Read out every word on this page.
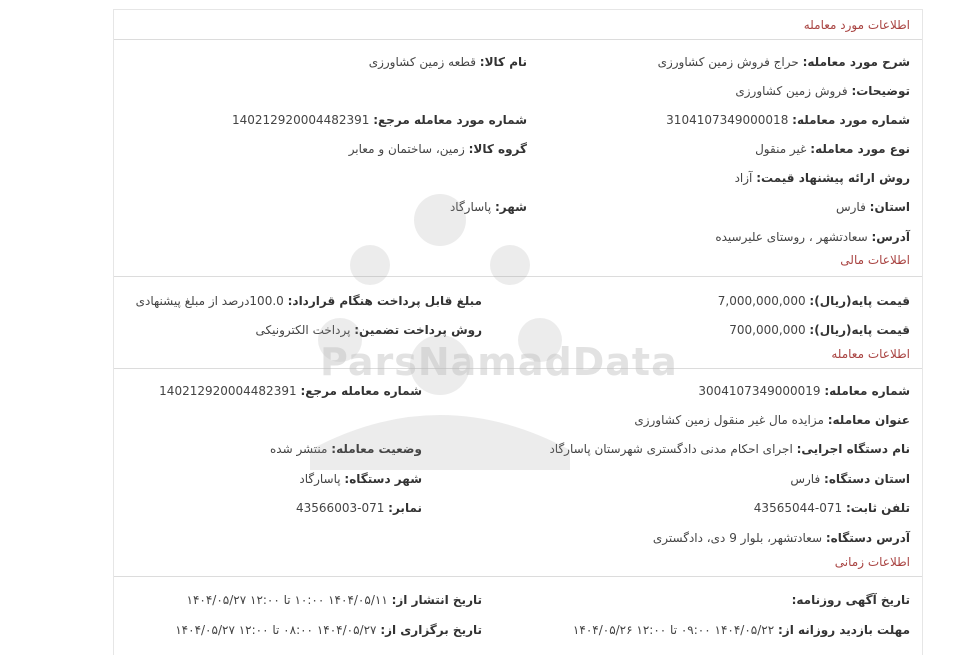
اطلاعات مورد معامله
شرح مورد معامله: حراج فروش زمین کشاورزی
نام کالا: قطعه زمین کشاورزی
توضیحات: فروش زمین کشاورزی
شماره مورد معامله: 3104107349000018
شماره مورد معامله مرجع: 140212920004482391
نوع مورد معامله: غیر منقول
گروه کالا: زمین، ساختمان و معابر
روش ارائه پیشنهاد قیمت: آزاد
استان: فارس
شهر: پاسارگاد
آدرس: سعادتشهر ، روستای علیرسیده
اطلاعات مالی
قیمت پایه(ریال): 7,000,000,000
مبلغ قابل پرداخت هنگام قرارداد: 100.0درصد از مبلغ پیشنهادی
قیمت پایه(ریال): 700,000,000
روش پرداخت تضمین: پرداخت الکترونیکی
اطلاعات معامله
شماره معامله: 3004107349000019
شماره معامله مرجع: 140212920004482391
عنوان معامله: مزایده مال غیر منقول زمین کشاورزی
نام دستگاه اجرایی: اجرای احکام مدنی دادگستری شهرستان پاسارگاد
وضعیت معامله: منتشر شده
استان دستگاه: فارس
شهر دستگاه: پاسارگاد
تلفن ثابت: 071-43565044
نمابر: 071-43566003
آدرس دستگاه: سعادتشهر، بلوار 9 دی، دادگستری
اطلاعات زمانی
تاریخ آگهی روزنامه:
تاریخ انتشار از: ۱۴۰۴/۰۵/۱۱ ۱۰:۰۰ تا ۱۲:۰۰ ۱۴۰۴/۰۵/۲۷
مهلت بازدید روزانه از: ۱۴۰۴/۰۵/۲۲ ۰۹:۰۰ تا ۱۲:۰۰ ۱۴۰۴/۰۵/۲۶
تاریخ برگزاری از: ۱۴۰۴/۰۵/۲۷ ۰۸:۰۰ تا ۱۲:۰۰ ۱۴۰۴/۰۵/۲۷
ParsNamadData
